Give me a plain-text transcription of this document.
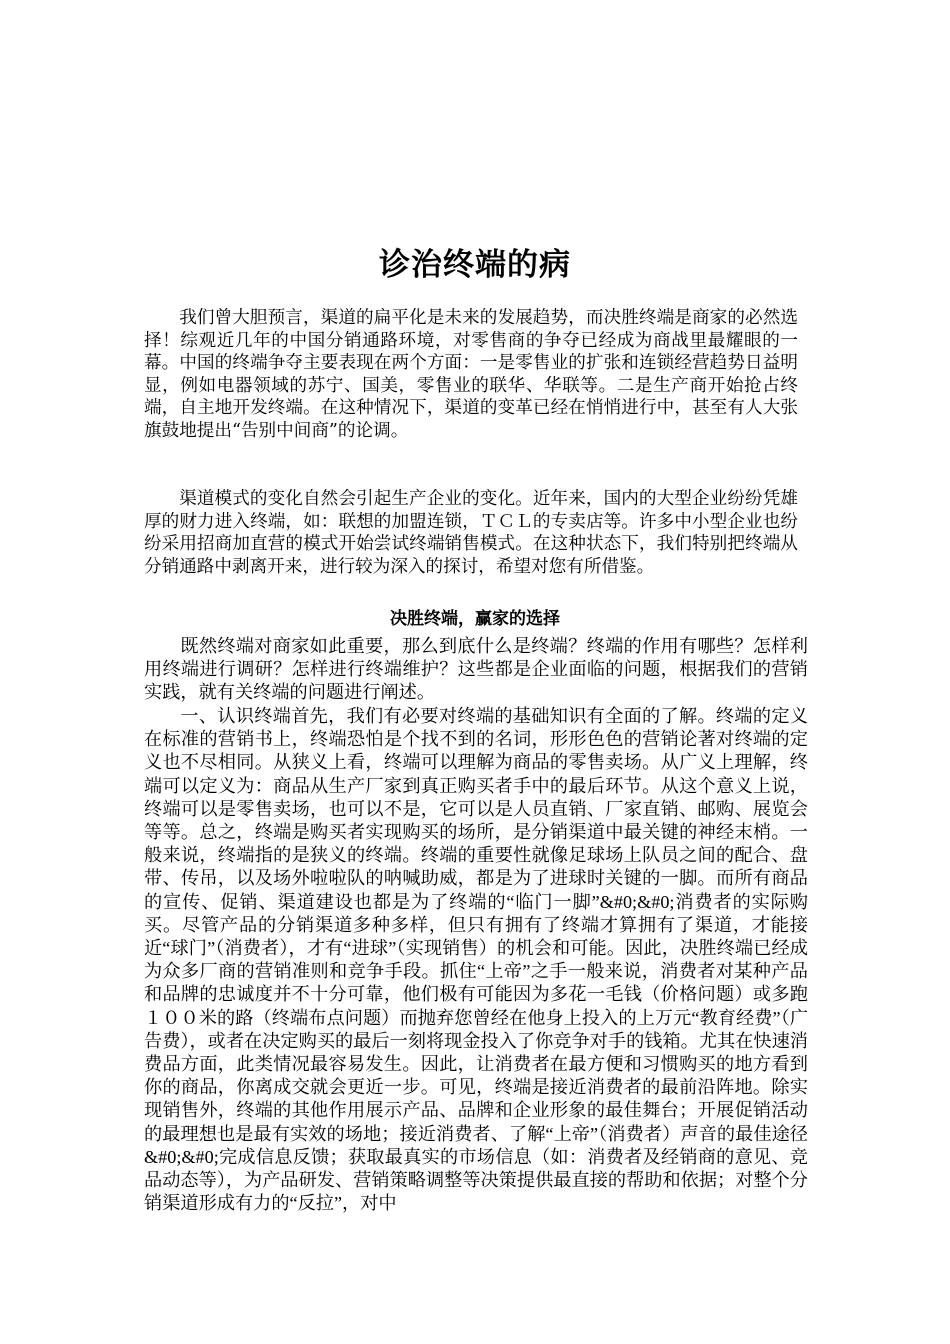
诊治终端的病

我们曾大胆预言，渠道的扁平化是未来的发展趋势，而决胜终端是商家的必然选择！综观近几年的中国分销通路环境，对零售商的争夺已经成为商战里最耀眼的一幕。中国的终端争夺主要表现在两个方面：一是零售业的扩张和连锁经营趋势日益明显，例如电器领域的苏宁、国美，零售业的联华、华联等。二是生产商开始抢占终端，自主地开发终端。在这种情况下，渠道的变革已经在悄悄进行中，甚至有人大张旗鼓地提出“告别中间商”的论调。

渠道模式的变化自然会引起生产企业的变化。近年来，国内的大型企业纷纷凭雄厚的财力进入终端，如：联想的加盟连锁，ＴＣＬ的专卖店等。许多中小型企业也纷纷采用招商加直营的模式开始尝试终端销售模式。在这种状态下，我们特别把终端从分销通路中剥离开来，进行较为深入的探讨，希望对您有所借鉴。

决胜终端，赢家的选择

既然终端对商家如此重要，那么到底什么是终端？终端的作用有哪些？怎样利用终端进行调研？怎样进行终端维护？这些都是企业面临的问题，根据我们的营销实践，就有关终端的问题进行阐述。

一、认识终端首先，我们有必要对终端的基础知识有全面的了解。终端的定义在标准的营销书上，终端恐怕是个找不到的名词，形形色色的营销论著对终端的定义也不尽相同。从狭义上看，终端可以理解为商品的零售卖场。从广义上理解，终端可以定义为：商品从生产厂家到真正购买者手中的最后环节。从这个意义上说，终端可以是零售卖场，也可以不是，它可以是人员直销、厂家直销、邮购、展览会等等。总之，终端是购买者实现购买的场所，是分销渠道中最关键的神经末梢。一般来说，终端指的是狭义的终端。终端的重要性就像足球场上队员之间的配合、盘带、传吊，以及场外啦啦队的呐喊助威，都是为了进球时关键的一脚。而所有商品的宣传、促销、渠道建设也都是为了终端的“临门一脚”&#0;&#0;消费者的实际购买。尽管产品的分销渠道多种多样，但只有拥有了终端才算拥有了渠道，才能接近“球门”（消费者），才有“进球”（实现销售）的机会和可能。因此，决胜终端已经成为众多厂商的营销准则和竞争手段。抓住“上帝”之手一般来说，消费者对某种产品和品牌的忠诚度并不十分可靠，他们极有可能因为多花一毛钱（价格问题）或多跑１００米的路（终端布点问题）而抛弃您曾经在他身上投入的上万元“教育经费”（广告费），或者在决定购买的最后一刻将现金投入了你竞争对手的钱箱。尤其在快速消费品方面，此类情况最容易发生。因此，让消费者在最方便和习惯购买的地方看到你的商品，你离成交就会更近一步。可见，终端是接近消费者的最前沿阵地。除实现销售外，终端的其他作用展示产品、品牌和企业形象的最佳舞台；开展促销活动的最理想也是最有实效的场地；接近消费者、了解“上帝”（消费者）声音的最佳途径&#0;&#0;完成信息反馈；获取最真实的市场信息（如：消费者及经销商的意见、竞品动态等），为产品研发、营销策略调整等决策提供最直接的帮助和依据；对整个分销渠道形成有力的“反拉”，对中
